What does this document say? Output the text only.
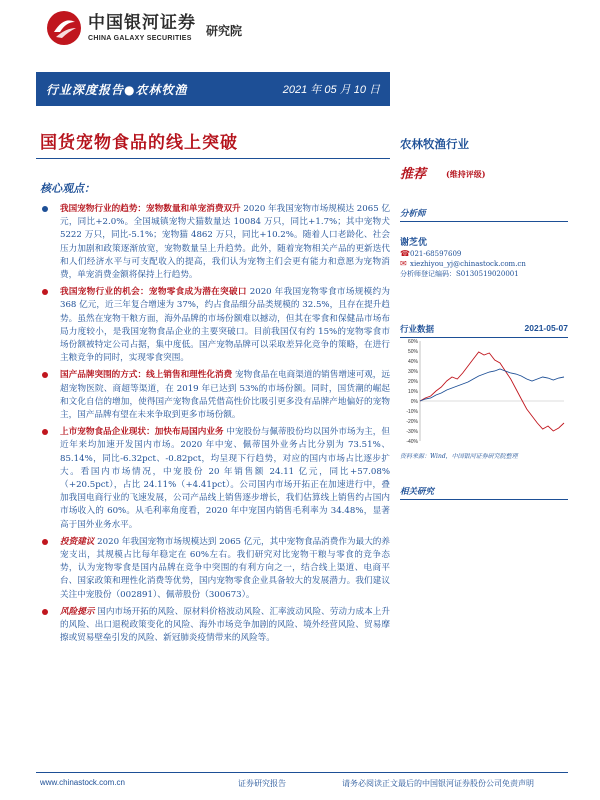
中国银河证券
CHINA GALAXY SECURITIES
研究院
行业深度报告●农林牧渔	2021 年 05 月 10 日
国货宠物食品的线上突破
核心观点：
我国宠物行业的趋势：宠物数量和单宠消费双升 2020 年我国宠物市场规模达 2065 亿元，同比+2.0%。全国城镇宠物犬猫数量达 10084 万只，同比+1.7%；其中宠物犬 5222 万只，同比-5.1%；宠物猫 4862 万只，同比+10.2%。随着人口老龄化、社会压力加剧和政策逐渐放宽，宠物数量呈上升趋势。此外，随着宠物相关产品的更新迭代和人们经济水平与可支配收入的提高，我们认为宠物主们会更有能力和意愿为宠物消费，单宠消费金额将保持上行趋势。
我国宠物行业的机会：宠物零食成为潜在突破口 2020 年我国宠物零食市场规模约为 368 亿元，近三年复合增速为 37%，约占食品细分品类规模的 32.5%，且存在提升趋势。虽然在宠物干粮方面，海外品牌的市场份额难以撼动，但其在零食和保健品市场布局力度较小，是我国宠物食品企业的主要突破口。目前我国仅有约 15%的宠物零食市场份额被特定公司占据，集中度低。国产宠物品牌可以采取差异化竞争的策略，在进行主粮竞争的同时，实现零食突围。
国产品牌突围的方式：线上销售和理性化消费 宠物食品在电商渠道的销售增速可观，远超宠物医院、商超等渠道，在 2019 年已达到 53%的市场份额。同时，国货潮的崛起和文化自信的增加，使得国产宠物食品凭借高性价比吸引更多没有品牌产地偏好的宠物主，国产品牌有望在未来争取到更多市场份额。
上市宠物食品企业现状：加快布局国内业务 中宠股份与佩蒂股份均以国外市场为主，但近年来均加速开发国内市场。2020 年中宠、佩蒂国外业务占比分别为 73.51%、85.14%，同比-6.32pct、-0.82pct，均呈现下行趋势，对应的国内市场占比逐步扩大。看国内市场情况，中宠股份 20 年销售额 24.11 亿元，同比+57.08%（+20.5pct），占比 24.11%（+4.41pct）。公司国内市场开拓正在加速进行中，叠加我国电商行业的飞速发展，公司产品线上销售逐步增长，我们估算线上销售约占国内市场收入的 60%。从毛利率角度看，2020 年中宠国内销售毛利率为 34.48%，显著高于国外业务水平。
投资建议 2020 年我国宠物市场规模达到 2065 亿元，其中宠物食品消费作为最大的养宠支出，其规模占比每年稳定在 60%左右。我们研究对比宠物干粮与零食的竞争态势，认为宠物零食是国内品牌在竞争中突围的有利方向之一，结合线上渠道、电商平台、国家政策和理性化消费等优势，国内宠物零食企业具备较大的发展潜力。我们建议关注中宠股份（002891）、佩蒂股份（300673）。
风险提示 国内市场开拓的风险、原材料价格波动风险、汇率波动风险、劳动力成本上升的风险、出口退税政策变化的风险、海外市场竞争加剧的风险、境外经营风险、贸易摩擦或贸易壁垒引发的风险、新冠肺炎疫情带来的风险等。
农林牧渔行业
推荐 (维持评级)
分析师
谢芝优
☎021-68597609
✉ xiezhiyou_yj@chinastock.com.cn
分析师登记编码：S0130519020001
行业数据	2021-05-07
60%
50%
40%
30%
20%
10%
0%
-10%
-20%
-30%
-40%
资料来源：Wind，中国银河证券研究院整理
相关研究
www.chinastock.com.cn	证券研究报告	请务必阅读正文最后的中国银河证券股份公司免责声明
